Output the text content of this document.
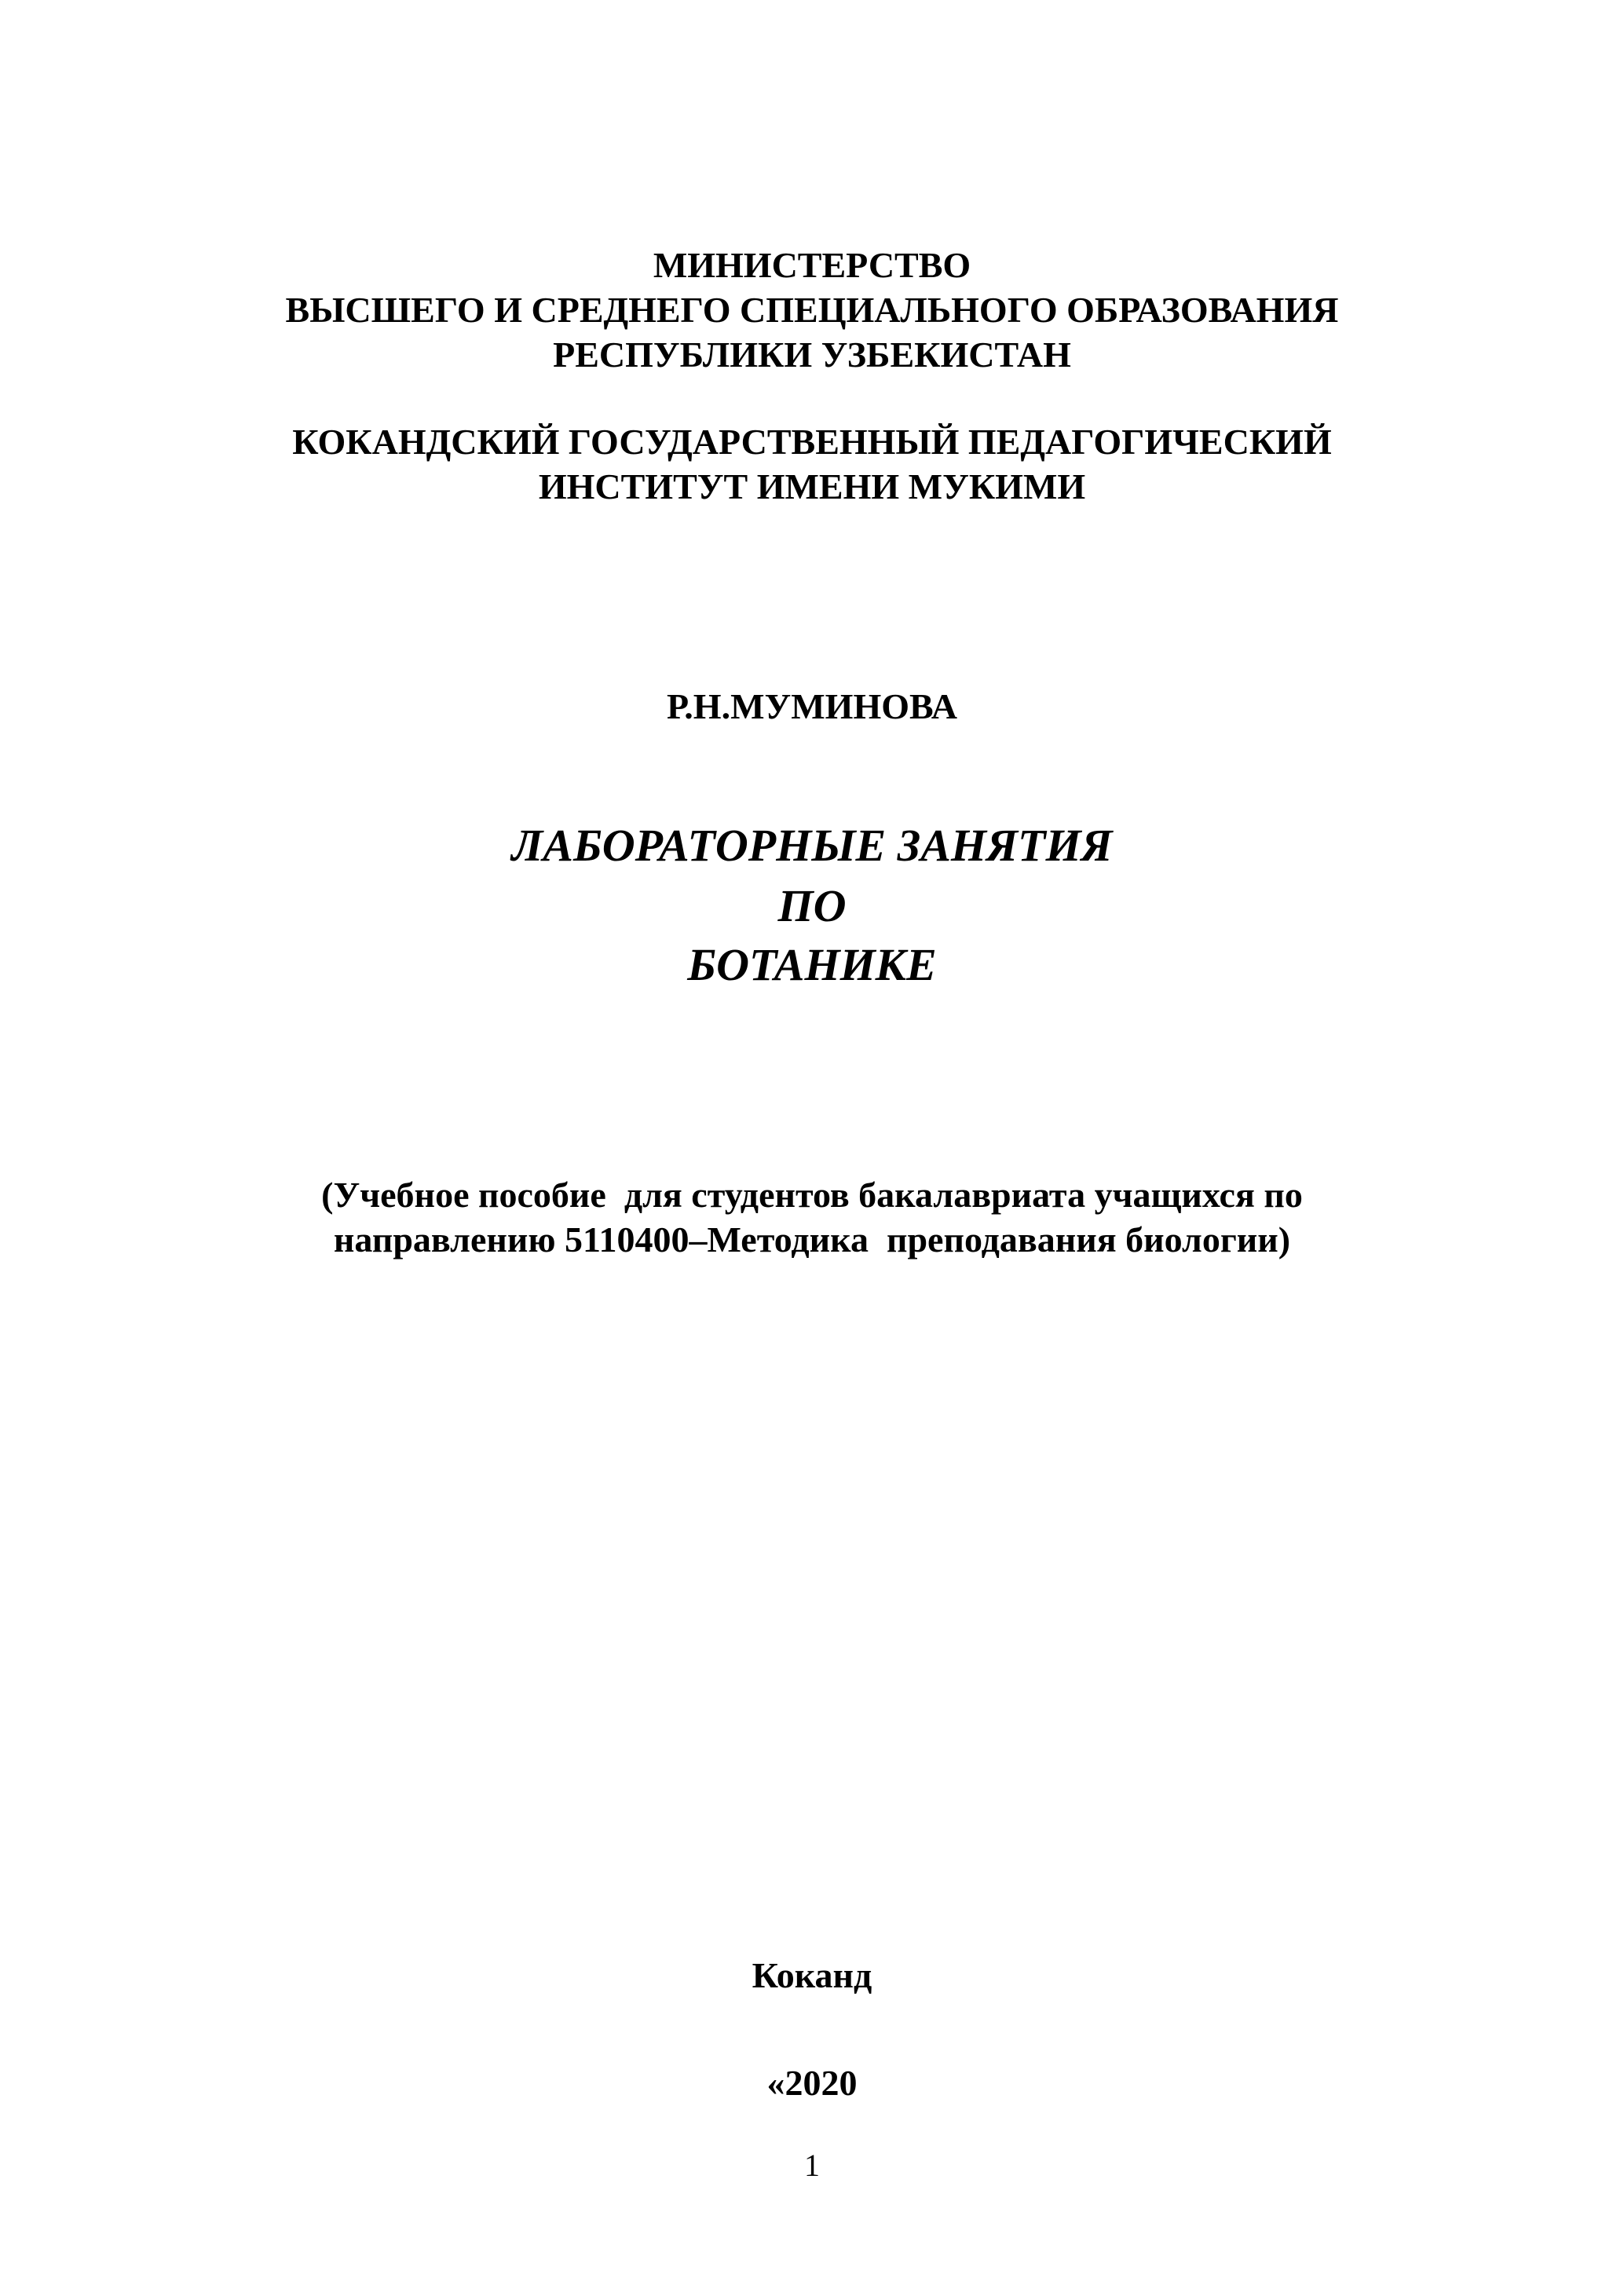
МИНИСТЕРСТВО
ВЫСШЕГО И СРЕДНЕГО СПЕЦИАЛЬНОГО ОБРАЗОВАНИЯ
РЕСПУБЛИКИ УЗБЕКИСТАН
КОКАНДСКИЙ ГОСУДАРСТВЕННЫЙ ПЕДАГОГИЧЕСКИЙ
ИНСТИТУТ ИМЕНИ МУКИМИ
Р.Н.МУМИНОВА
ЛАБОРАТОРНЫЕ ЗАНЯТИЯ
ПО
БОТАНИКЕ
(Учебное пособие  для студентов бакалавриата учащихся по
направлению 5110400–Методика  преподавания биологии)
Коканд
«2020
1
